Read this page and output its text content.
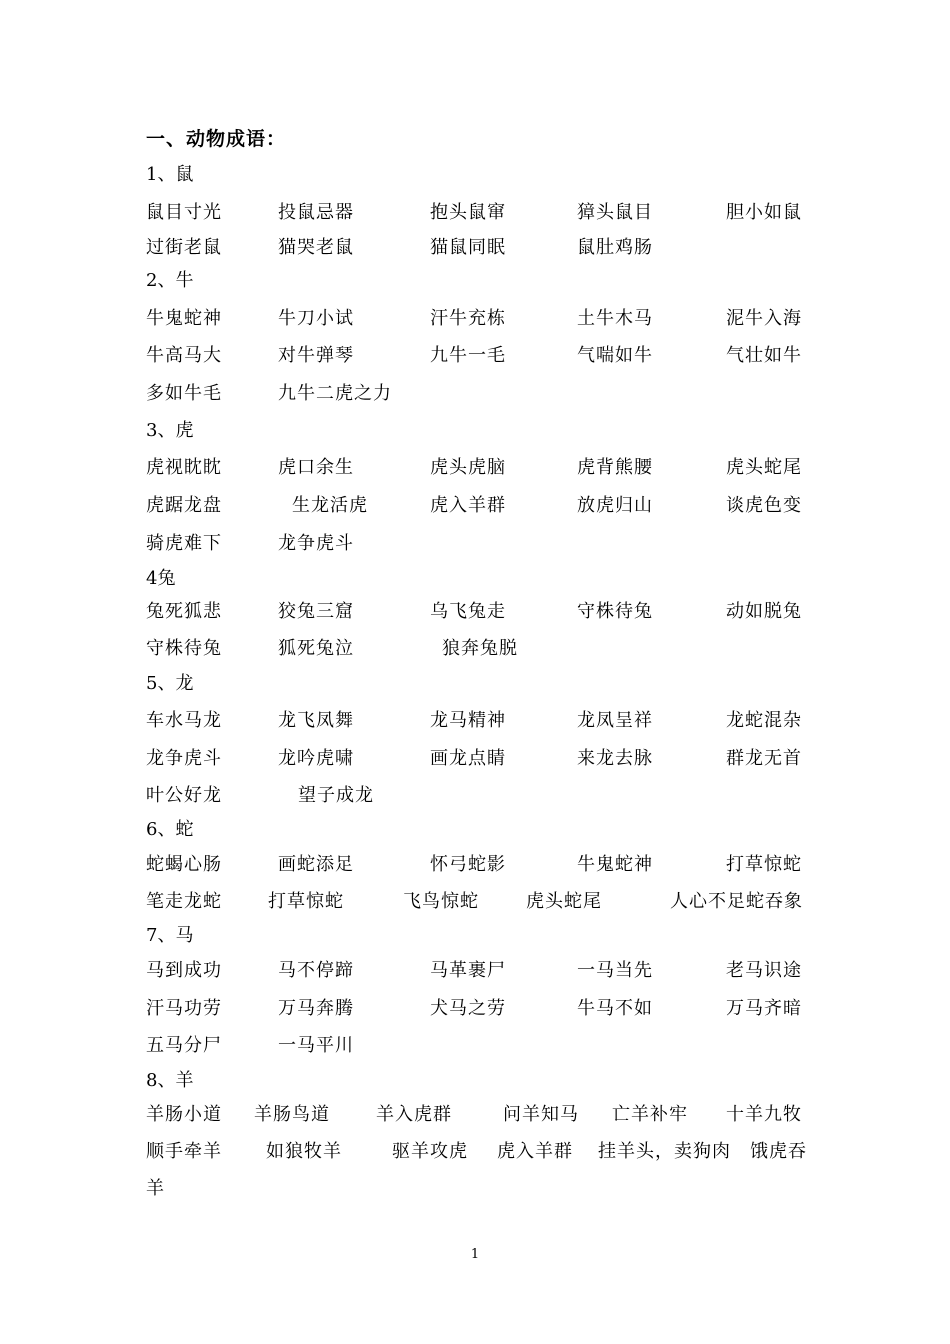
一、动物成语：
1、鼠
鼠目寸光	投鼠忌器	抱头鼠窜	獐头鼠目	胆小如鼠
过街老鼠	猫哭老鼠	猫鼠同眠	鼠肚鸡肠
2、牛
牛鬼蛇神	牛刀小试	汗牛充栋	土牛木马	泥牛入海
牛高马大	对牛弹琴	九牛一毛	气喘如牛	气壮如牛
多如牛毛	九牛二虎之力
3、虎
虎视眈眈	虎口余生	虎头虎脑	虎背熊腰	虎头蛇尾
虎踞龙盘	生龙活虎	虎入羊群	放虎归山	谈虎色变
骑虎难下	龙争虎斗
4兔
兔死狐悲	狡兔三窟	乌飞兔走	守株待兔	动如脱兔
守株待兔	狐死兔泣	狼奔兔脱
5、龙
车水马龙	龙飞凤舞	龙马精神	龙凤呈祥	龙蛇混杂
龙争虎斗	龙吟虎啸	画龙点睛	来龙去脉	群龙无首
叶公好龙	望子成龙
6、蛇
蛇蝎心肠	画蛇添足	怀弓蛇影	牛鬼蛇神	打草惊蛇
笔走龙蛇	打草惊蛇	飞鸟惊蛇	虎头蛇尾	人心不足蛇吞象
7、马
马到成功	马不停蹄	马革裹尸	一马当先	老马识途
汗马功劳	万马奔腾	犬马之劳	牛马不如	万马齐暗
五马分尸	一马平川
8、羊
羊肠小道 羊肠鸟道	羊入虎群	问羊知马 亡羊补牢 十羊九牧
顺手牵羊 如狼牧羊	驱羊攻虎 虎入羊群 挂羊头，卖狗肉 饿虎吞
羊
1
